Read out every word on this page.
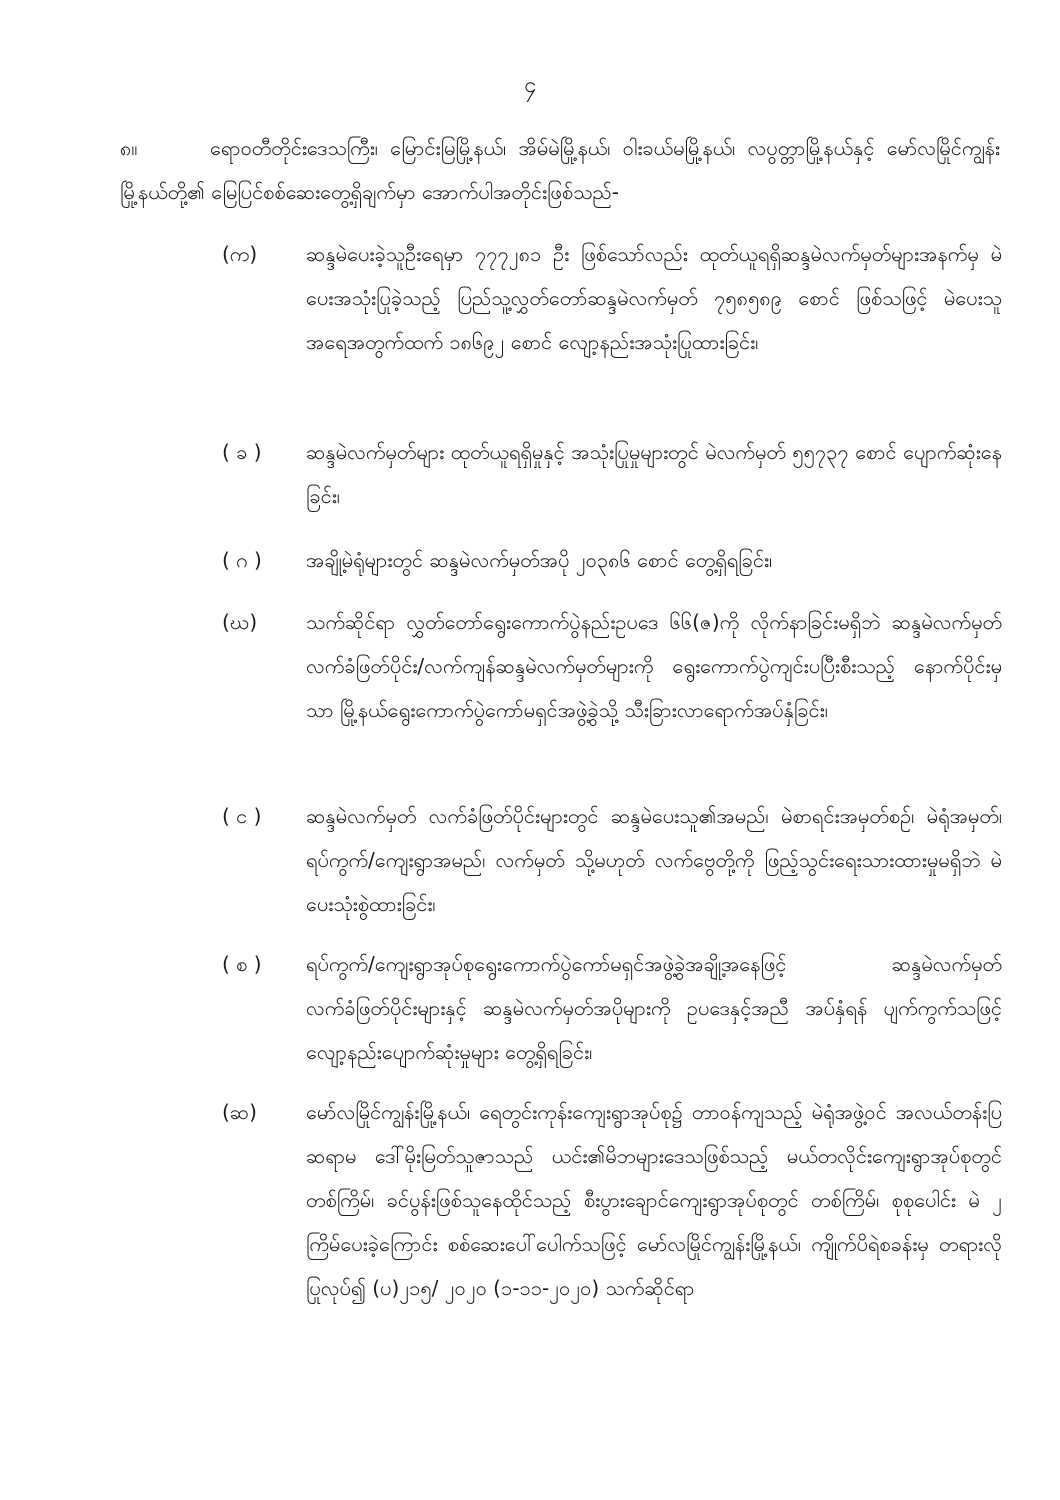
၄
၈။	ရောဝတီတိုင်းဒေသကြီး၊ မြောင်းမြမြို့နယ်၊ အိမ်မဲမြို့နယ်၊ ဝါးခယ်မမြို့နယ်၊ လပွတ္တာမြို့နယ်နှင့် မော်လမြိုင်ကျွန်းမြို့နယ်တို့၏ မြေပြင်စစ်ဆေးတွေ့ရှိချက်မှာ အောက်ပါအတိုင်းဖြစ်သည်-
(က)	ဆန္ဒမဲပေးခဲ့သူဦးရေမှာ ၇၇၇၂၈၁ ဦး ဖြစ်သော်လည်း ထုတ်ယူရရှိဆန္ဒမဲလက်မှတ်များအနက်မှ မဲပေးအသုံးပြုခဲ့သည့် ပြည်သူ့လွှတ်တော်ဆန္ဒမဲလက်မှတ် ၇၅၈၅၈၉ စောင် ဖြစ်သဖြင့် မဲပေးသူအရေအတွက်ထက် ၁၈၆၉၂ စောင် လျော့နည်းအသုံးပြုထားခြင်း၊
( ခ )	ဆန္ဒမဲလက်မှတ်များ ထုတ်ယူရရှိမှုနှင့် အသုံးပြုမှုများတွင် မဲလက်မှတ် ၅၅၇၃၇ စောင် ပျောက်ဆုံးနေခြင်း၊
( ဂ )	အချို့မဲရုံများတွင် ဆန္ဒမဲလက်မှတ်အပို ၂၀၃၈၆ စောင် တွေ့ရှိရခြင်း၊
(ဃ)	သက်ဆိုင်ရာ လွှတ်တော်ရွေးကောက်ပွဲနည်းဥပဒေ ၆၆(ဇ)ကို လိုက်နာခြင်းမရှိဘဲ ဆန္ဒမဲလက်မှတ် လက်ခံဖြတ်ပိုင်း/လက်ကျန်ဆန္ဒမဲလက်မှတ်များကို ရွေးကောက်ပွဲကျင်းပပြီးစီးသည့် နောက်ပိုင်းမှသာ မြို့နယ်ရွေးကောက်ပွဲကော်မရှင်အဖွဲ့ခွဲသို့ သီးခြားလာရောက်အပ်နှံခြင်း၊
( င )	ဆန္ဒမဲလက်မှတ် လက်ခံဖြတ်ပိုင်းများတွင် ဆန္ဒမဲပေးသူ၏အမည်၊ မဲစာရင်းအမှတ်စဉ်၊ မဲရုံအမှတ်၊ ရပ်ကွက်/ကျေးရွာအမည်၊ လက်မှတ် သို့မဟုတ် လက်ဗွေတို့ကို ဖြည့်သွင်းရေးသားထားမှုမရှိဘဲ မဲပေးသုံးစွဲထားခြင်း၊
( စ )	ရပ်ကွက်/ကျေးရွာအုပ်စုရွေးကောက်ပွဲကော်မရှင်အဖွဲ့ခွဲအချို့အနေဖြင့် ဆန္ဒမဲလက်မှတ်လက်ခံဖြတ်ပိုင်းများနှင့် ဆန္ဒမဲလက်မှတ်အပိုများကို ဥပဒေနှင့်အညီ အပ်နှံရန် ပျက်ကွက်သဖြင့် လျော့နည်းပျောက်ဆုံးမှုများ တွေ့ရှိရခြင်း၊
(ဆ)	မော်လမြိုင်ကျွန်းမြို့နယ်၊ ရေတွင်းကုန်းကျေးရွာအုပ်စု၌ တာဝန်ကျသည့် မဲရုံအဖွဲ့ဝင် အလယ်တန်းပြဆရာမ ဒေါ်မိုးမြတ်သူဇာသည် ယင်း၏မိဘများဒေသဖြစ်သည့် မယ်တလိုင်းကျေးရွာအုပ်စုတွင် တစ်ကြိမ်၊ ခင်ပွန်းဖြစ်သူနေထိုင်သည့် စီးပွားချောင်ကျေးရွာအုပ်စုတွင် တစ်ကြိမ်၊ စုစုပေါင်း မဲ ၂ ကြိမ်ပေးခဲ့ကြောင်း စစ်ဆေးပေါ်ပေါက်သဖြင့် မော်လမြိုင်ကျွန်းမြို့နယ်၊ ကျိုက်ပိရဲစခန်းမှ တရားလိုပြုလုပ်၍ (ပ)၂၁၅/ ၂၀၂၀ (၁-၁၁-၂၀၂၀) သက်ဆိုင်ရာ
